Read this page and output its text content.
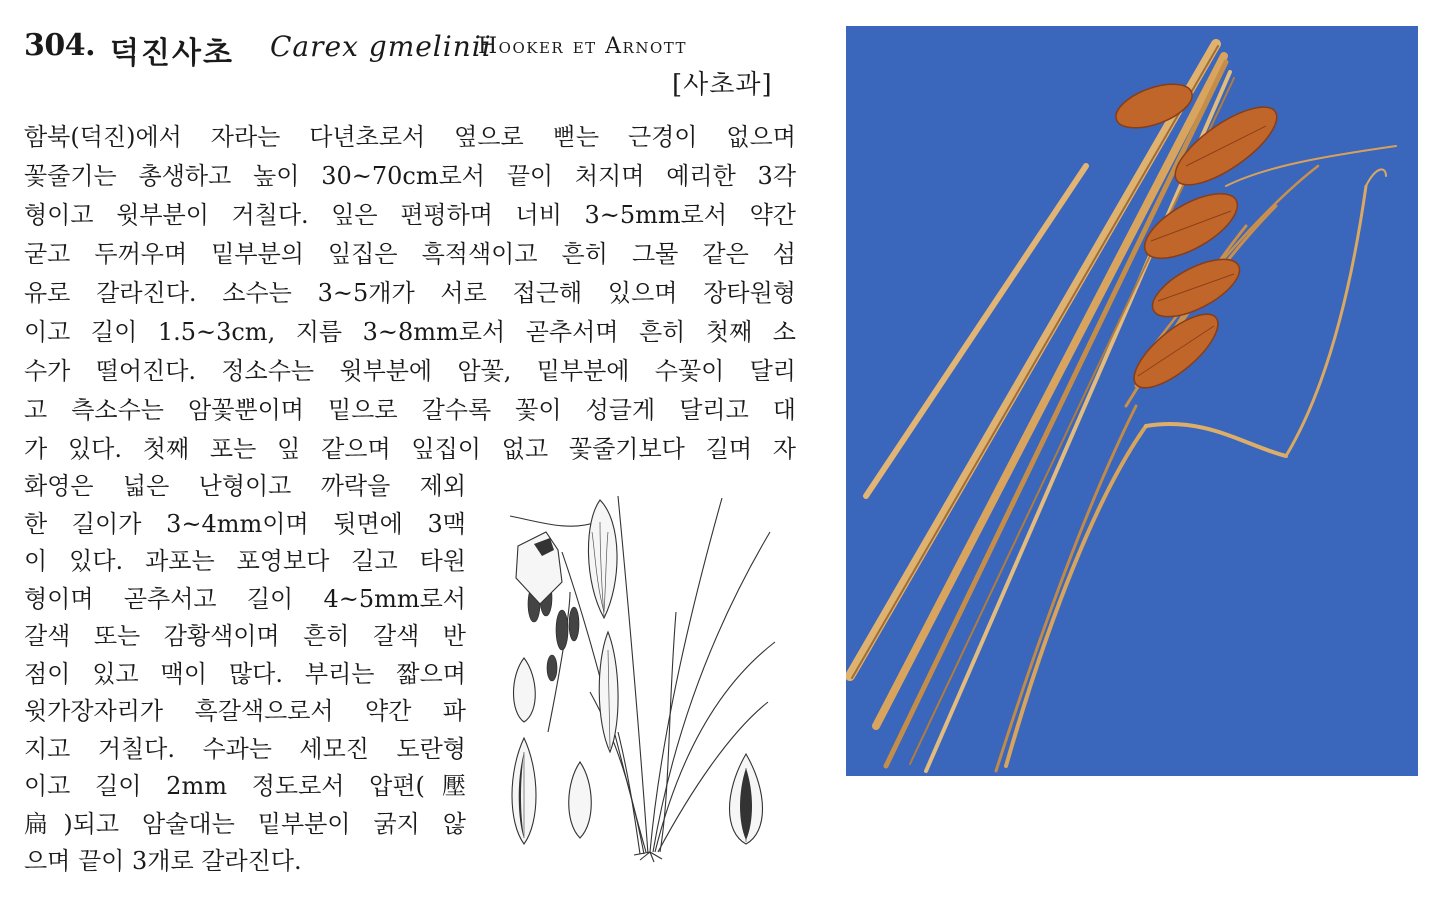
304. 덕진사초 Carex gmelinii
Hooker et Arnott
[사초과]
함북(덕진)에서 자라는 다년초로서 옆으로 뻗는 근경이 없으며
꽃줄기는 총생하고 높이 30~70cm로서 끝이 처지며 예리한 3각
형이고 윗부분이 거칠다. 잎은 편평하며 너비 3~5mm로서 약간
굳고 두꺼우며 밑부분의 잎집은 흑적색이고 흔히 그물 같은 섬
유로 갈라진다. 소수는 3~5개가 서로 접근해 있으며 장타원형
이고 길이 1.5~3cm, 지름 3~8mm로서 곧추서며 흔히 첫째 소
수가 떨어진다. 정소수는 윗부분에 암꽃, 밑부분에 수꽃이 달리
고 측소수는 암꽃뿐이며 밑으로 갈수록 꽃이 성글게 달리고 대
가 있다. 첫째 포는 잎 같으며 잎집이 없고 꽃줄기보다 길며 자
화영은 넓은 난형이고 까락을 제외
한 길이가 3~4mm이며 뒷면에 3맥
이 있다. 과포는 포영보다 길고 타원
형이며 곧추서고 길이 4~5mm로서
갈색 또는 감황색이며 흔히 갈색 반
점이 있고 맥이 많다. 부리는 짧으며
윗가장자리가 흑갈색으로서 약간 파
지고 거칠다. 수과는 세모진 도란형
이고 길이 2mm 정도로서 압편(壓
扁)되고 암술대는 밑부분이 굵지 않
으며 끝이 3개로 갈라진다.
